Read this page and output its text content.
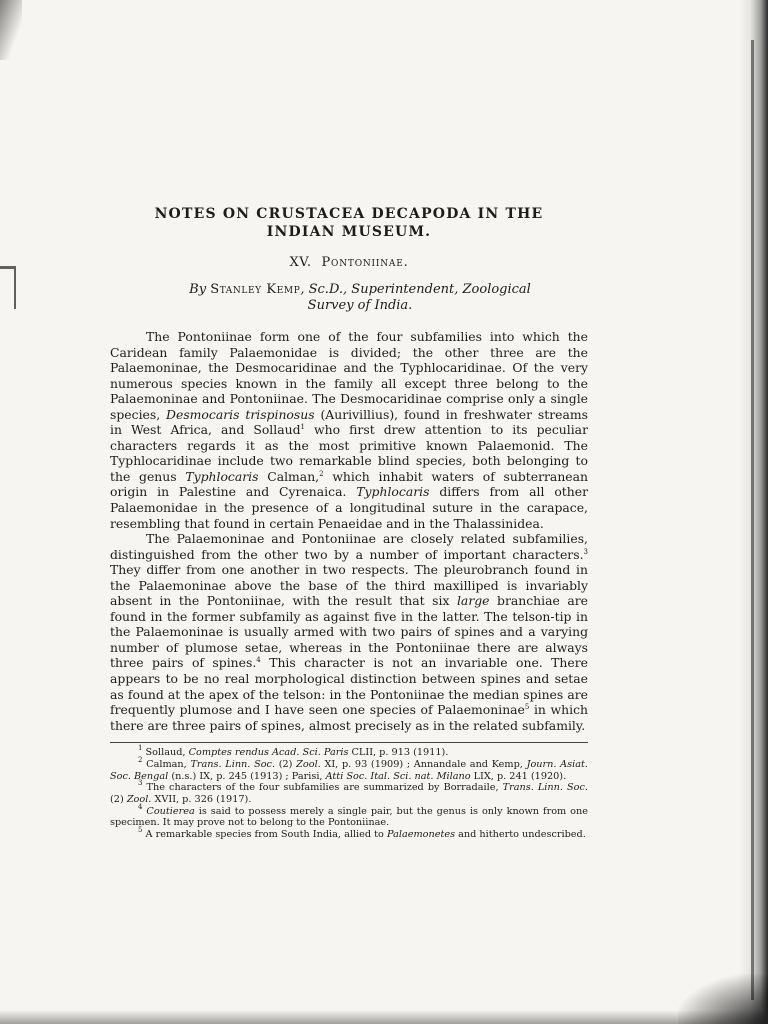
NOTES ON CRUSTACEA DECAPODA IN THE
INDIAN MUSEUM.
XV. Pontoniinae.
By Stanley Kemp, Sc.D., Superintendent, Zoological
Survey of India.

The Pontoniinae form one of the four subfamilies into which the Caridean family Palaemonidae is divided; the other three are the Palaemoninae, the Desmocaridinae and the Typhlocaridinae. Of the very numerous species known in the family all except three belong to the Palaemoninae and Pontoniinae. The Desmocaridinae comprise only a single species, Desmocaris trispinosus (Aurivillius), found in freshwater streams in West Africa, and Sollaud$^1$ who first drew attention to its peculiar characters regards it as the most primitive known Palaemonid. The Typhlocaridinae include two remarkable blind species, both belonging to the genus Typhlocaris Calman,$^2$ which inhabit waters of subterranean origin in Palestine and Cyrenaica. Typhlocaris differs from all other Palaemonidae in the presence of a longitudinal suture in the carapace, resembling that found in certain Penaeidae and in the Thalassinidea.

The Palaemoninae and Pontoniinae are closely related subfamilies, distinguished from the other two by a number of important characters.$^3$ They differ from one another in two respects. The pleurobranch found in the Palaemoninae above the base of the third maxilliped is invariably absent in the Pontoniinae, with the result that six large branchiae are found in the former subfamily as against five in the latter. The telson-tip in the Palaemoninae is usually armed with two pairs of spines and a varying number of plumose setae, whereas in the Pontoniinae there are always three pairs of spines.$^4$ This character is not an invariable one. There appears to be no real morphological distinction between spines and setae as found at the apex of the telson: in the Pontoniinae the median spines are frequently plumose and I have seen one species of Palaemoninae$^5$ in which there are three pairs of spines, almost precisely as in the related subfamily.

$^1$ Sollaud, Comptes rendus Acad. Sci. Paris CLII, p. 913 (1911).

$^2$ Calman, Trans. Linn. Soc. (2) Zool. XI, p. 93 (1909) ; Annandale and Kemp, Journ. Asiat. Soc. Bengal (n.s.) IX, p. 245 (1913) ; Parisi, Atti Soc. Ital. Sci. nat. Milano LIX, p. 241 (1920).

$^3$ The characters of the four subfamilies are summarized by Borradaile, Trans. Linn. Soc. (2) Zool. XVII, p. 326 (1917).

$^4$ Coutierea is said to possess merely a single pair, but the genus is only known from one specimen. It may prove not to belong to the Pontoniinae.

$^5$ A remarkable species from South India, allied to Palaemonetes and hitherto undescribed.
